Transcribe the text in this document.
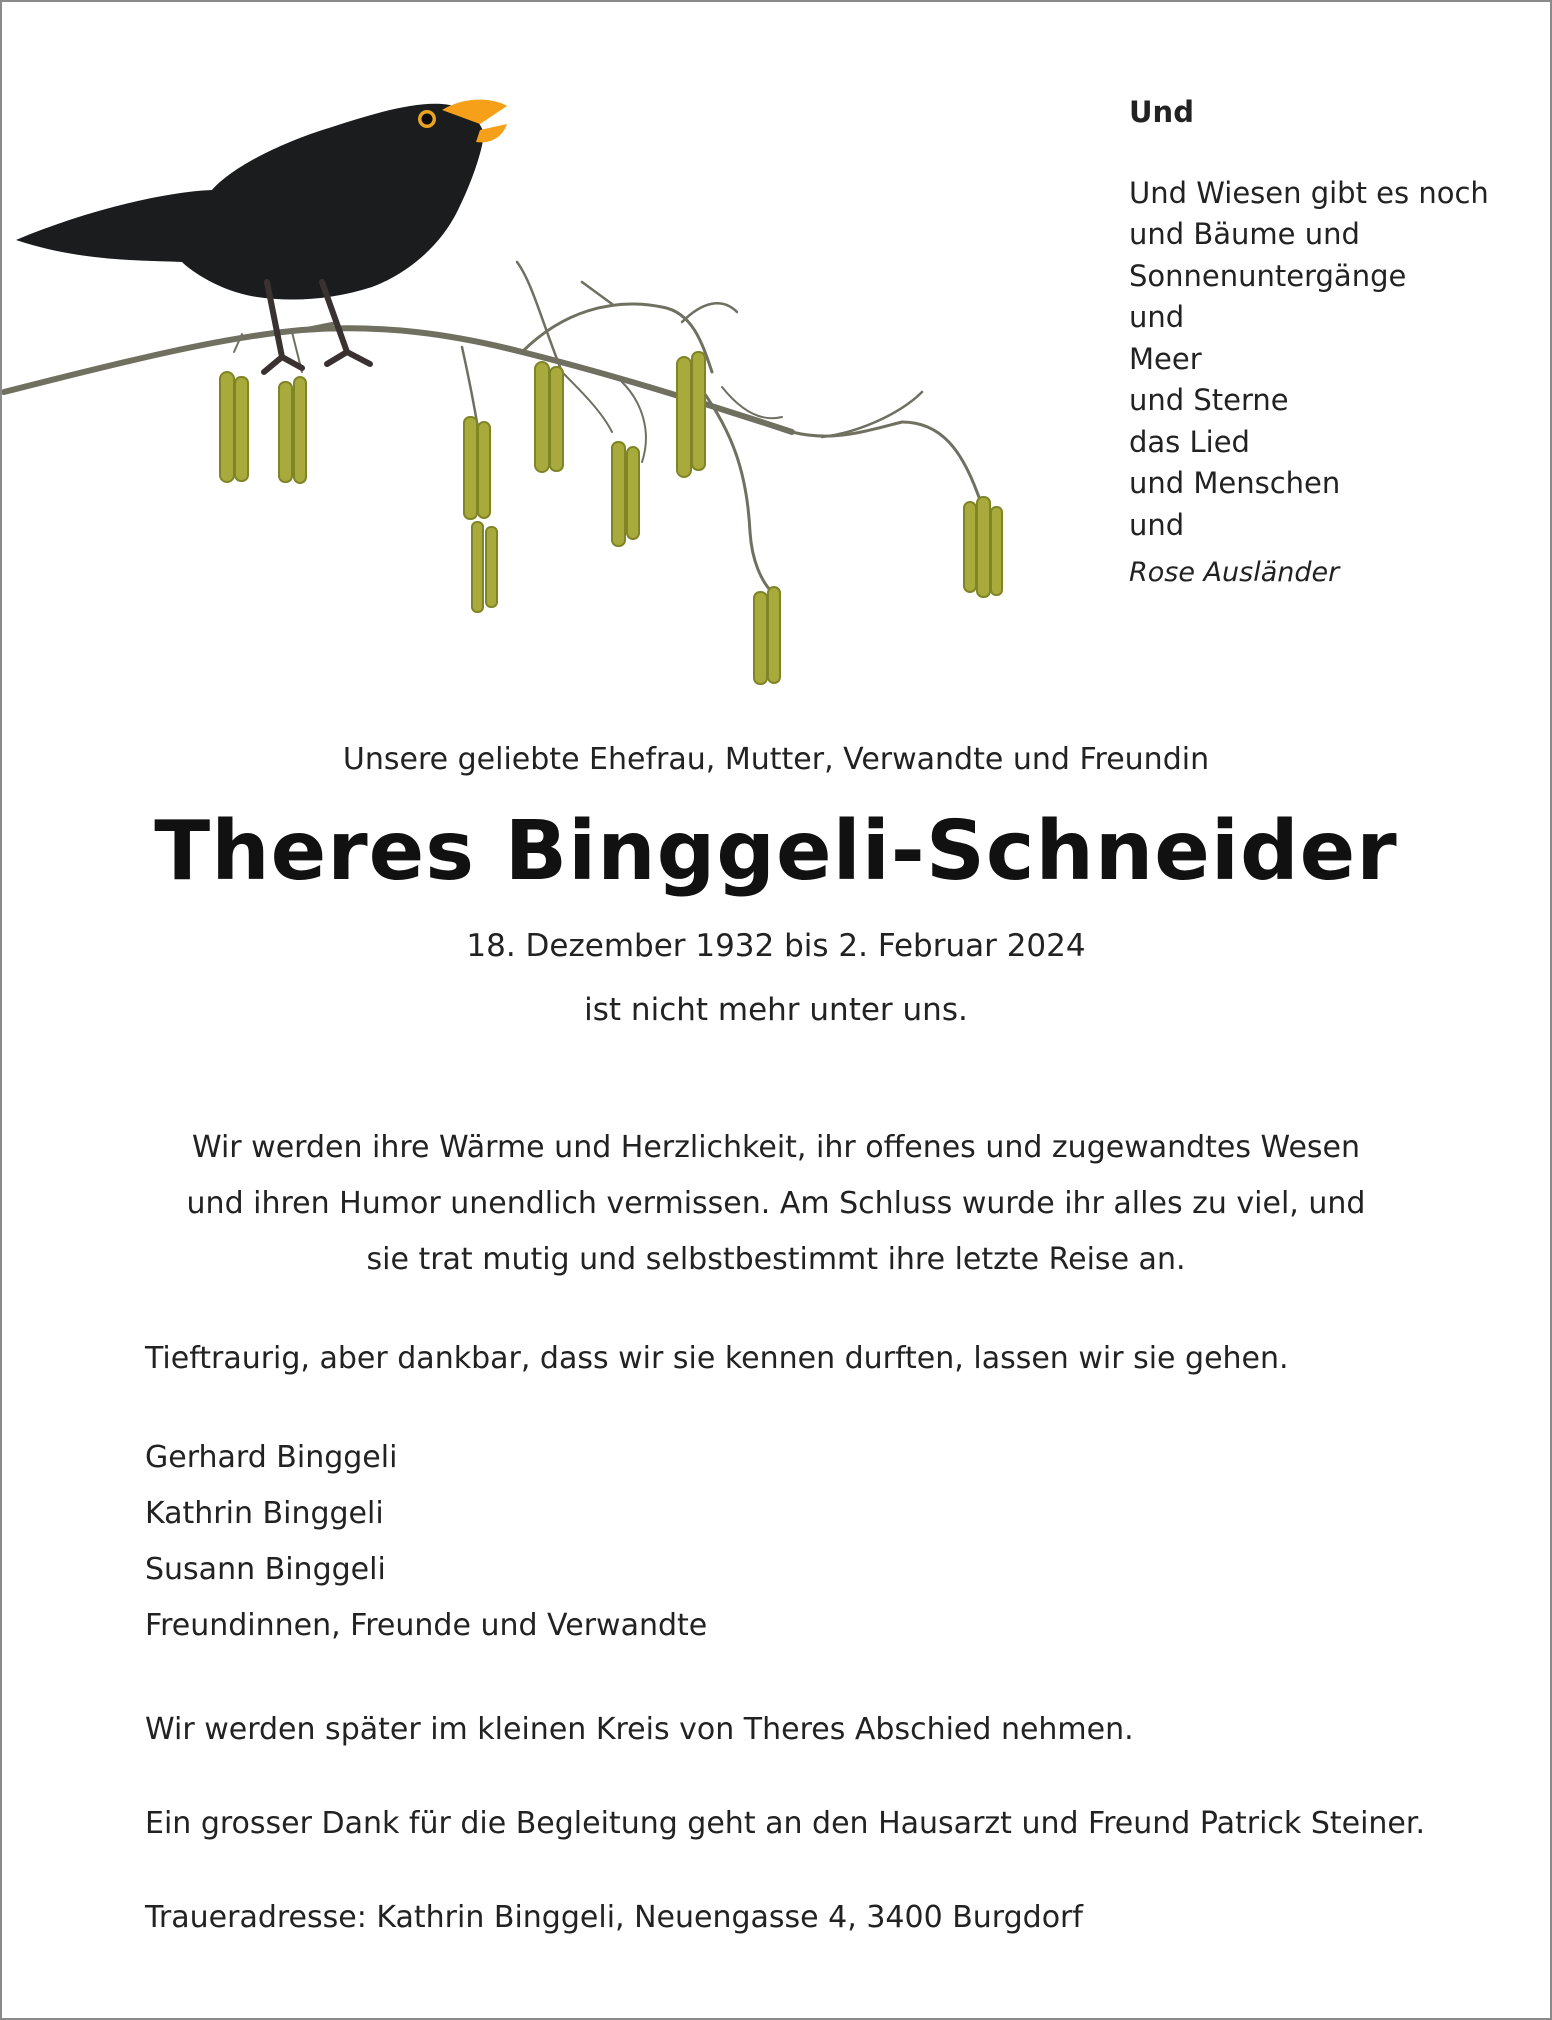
Und
Und Wiesen gibt es noch
und Bäume und
Sonnenuntergänge
und
Meer
und Sterne
das Lied
und Menschen
und
Rose Ausländer
Unsere geliebte Ehefrau, Mutter, Verwandte und Freundin
Theres Binggeli-Schneider
18. Dezember 1932 bis 2. Februar 2024
ist nicht mehr unter uns.
Wir werden ihre Wärme und Herzlichkeit, ihr offenes und zugewandtes Wesen
und ihren Humor unendlich vermissen. Am Schluss wurde ihr alles zu viel, und
sie trat mutig und selbstbestimmt ihre letzte Reise an.
Tieftraurig, aber dankbar, dass wir sie kennen durften, lassen wir sie gehen.
Gerhard Binggeli
Kathrin Binggeli
Susann Binggeli
Freundinnen, Freunde und Verwandte
Wir werden später im kleinen Kreis von Theres Abschied nehmen.
Ein grosser Dank für die Begleitung geht an den Hausarzt und Freund Patrick Steiner.
Traueradresse: Kathrin Binggeli, Neuengasse 4, 3400 Burgdorf
